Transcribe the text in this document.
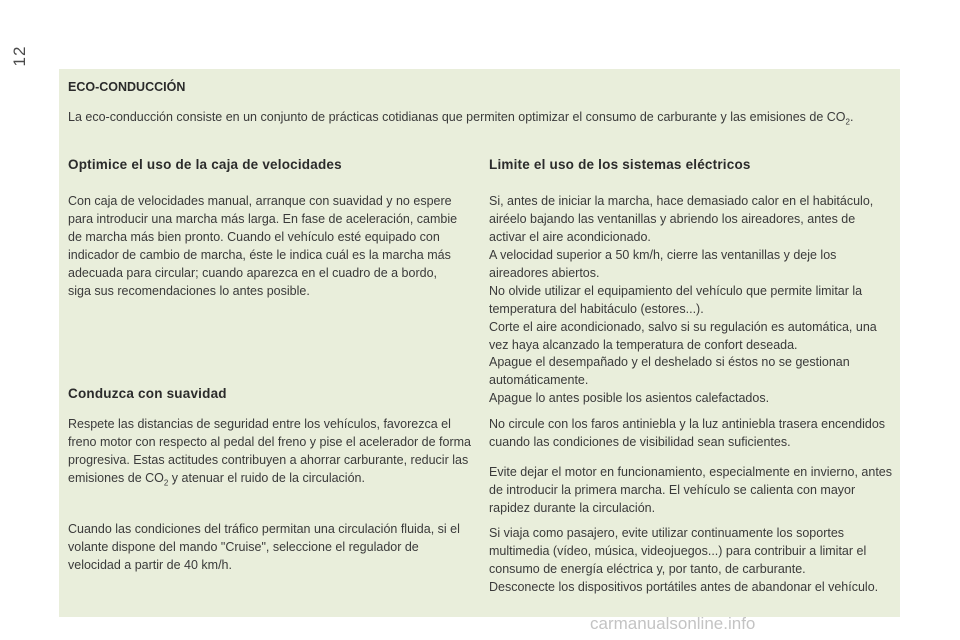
12
ECO-CONDUCCIÓN

La eco-conducción consiste en un conjunto de prácticas cotidianas que permiten optimizar el consumo de carburante y las emisiones de $CO_2$.

Optimice el uso de la caja de velocidades

Con caja de velocidades manual, arranque con suavidad y no espere para introducir una marcha más larga. En fase de aceleración, cambie de marcha más bien pronto. Cuando el vehículo esté equipado con indicador de cambio de marcha, éste le indica cuál es la marcha más adecuada para circular; cuando aparezca en el cuadro de a bordo, siga sus recomendaciones lo antes posible.

Conduzca con suavidad

Respete las distancias de seguridad entre los vehículos, favorezca el freno motor con respecto al pedal del freno y pise el acelerador de forma progresiva. Estas actitudes contribuyen a ahorrar carburante, reducir las emisiones de $CO_2$ y atenuar el ruido de la circulación.

Cuando las condiciones del tráfico permitan una circulación fluida, si el volante dispone del mando "Cruise", seleccione el regulador de velocidad a partir de 40 km/h.

Limite el uso de los sistemas eléctricos

Si, antes de iniciar la marcha, hace demasiado calor en el habitáculo, airéelo bajando las ventanillas y abriendo los aireadores, antes de activar el aire acondicionado.

A velocidad superior a 50 km/h, cierre las ventanillas y deje los aireadores abiertos.

No olvide utilizar el equipamiento del vehículo que permite limitar la temperatura del habitáculo (estores...).

Corte el aire acondicionado, salvo si su regulación es automática, una vez haya alcanzado la temperatura de confort deseada.

Apague el desempañado y el deshelado si éstos no se gestionan automáticamente.

Apague lo antes posible los asientos calefactados.

No circule con los faros antiniebla y la luz antiniebla trasera encendidos cuando las condiciones de visibilidad sean suficientes.

Evite dejar el motor en funcionamiento, especialmente en invierno, antes de introducir la primera marcha. El vehículo se calienta con mayor rapidez durante la circulación.

Si viaja como pasajero, evite utilizar continuamente los soportes multimedia (vídeo, música, videojuegos...) para contribuir a limitar el consumo de energía eléctrica y, por tanto, de carburante.

Desconecte los dispositivos portátiles antes de abandonar el vehículo.

carmanualsonline.info
